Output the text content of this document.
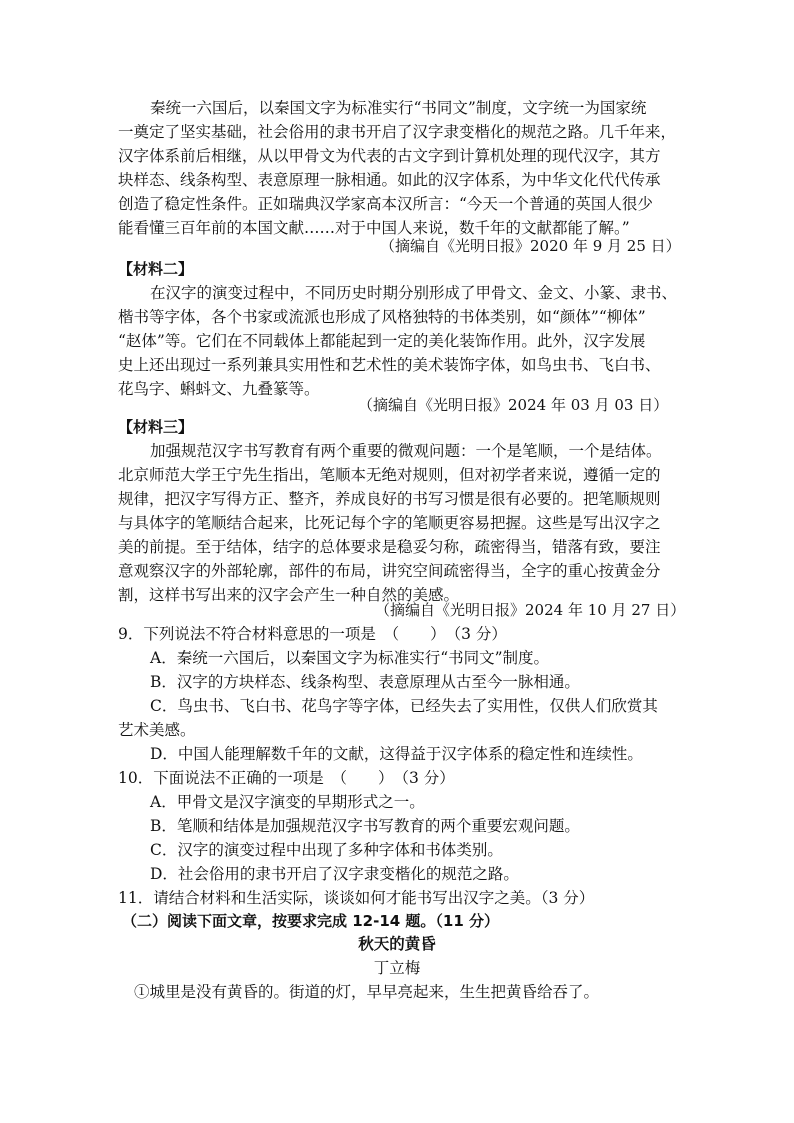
秦统一六国后，以秦国文字为标准实行“书同文”制度，文字统一为国家统
一奠定了坚实基础，社会俗用的隶书开启了汉字隶变楷化的规范之路。几千年来，
汉字体系前后相继，从以甲骨文为代表的古文字到计算机处理的现代汉字，其方
块样态、线条构型、表意原理一脉相通。如此的汉字体系，为中华文化代代传承
创造了稳定性条件。正如瑞典汉学家高本汉所言：“今天一个普通的英国人很少
能看懂三百年前的本国文献……对于中国人来说，数千年的文献都能了解。”
（摘编自《光明日报》2020 年 9 月 25 日）
【材料二】
在汉字的演变过程中，不同历史时期分别形成了甲骨文、金文、小篆、隶书、
楷书等字体，各个书家或流派也形成了风格独特的书体类别，如“颜体”“柳体”
“赵体”等。它们在不同载体上都能起到一定的美化装饰作用。此外，汉字发展
史上还出现过一系列兼具实用性和艺术性的美术装饰字体，如鸟虫书、飞白书、
花鸟字、蝌蚪文、九叠篆等。
（摘编自《光明日报》2024 年 03 月 03 日）
【材料三】
加强规范汉字书写教育有两个重要的微观问题：一个是笔顺，一个是结体。
北京师范大学王宁先生指出，笔顺本无绝对规则，但对初学者来说，遵循一定的
规律，把汉字写得方正、整齐，养成良好的书写习惯是很有必要的。把笔顺规则
与具体字的笔顺结合起来，比死记每个字的笔顺更容易把握。这些是写出汉字之
美的前提。至于结体，结字的总体要求是稳妥匀称，疏密得当，错落有致，要注
意观察汉字的外部轮廓，部件的布局，讲究空间疏密得当，全字的重心按黄金分
割，这样书写出来的汉字会产生一种自然的美感。
（摘编自《光明日报》2024 年 10 月 27 日）
9．下列说法不符合材料意思的一项是　（　　）　（3 分）
A．秦统一六国后，以秦国文字为标准实行“书同文”制度。
B．汉字的方块样态、线条构型、表意原理从古至今一脉相通。
C．鸟虫书、飞白书、花鸟字等字体，已经失去了实用性，仅供人们欣赏其
艺术美感。
D．中国人能理解数千年的文献，这得益于汉字体系的稳定性和连续性。
10．下面说法不正确的一项是　（　　）　（3 分）
A．甲骨文是汉字演变的早期形式之一。
B．笔顺和结体是加强规范汉字书写教育的两个重要宏观问题。
C．汉字的演变过程中出现了多种字体和书体类别。
D．社会俗用的隶书开启了汉字隶变楷化的规范之路。
11．请结合材料和生活实际，谈谈如何才能书写出汉字之美。（3 分）
（二）阅读下面文章，按要求完成 12-14 题。（11 分）
秋天的黄昏
丁立梅
①城里是没有黄昏的。街道的灯，早早亮起来，生生把黄昏给吞了。
